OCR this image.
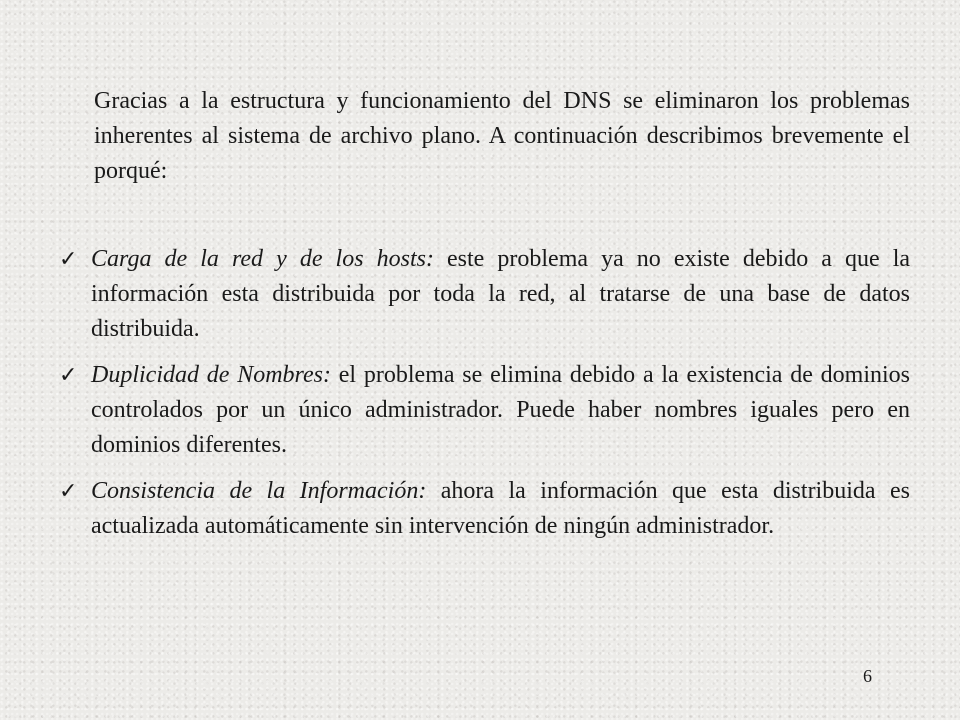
Gracias a la estructura y funcionamiento del DNS se eliminaron los problemas inherentes al sistema de archivo plano. A continuación describimos brevemente el porqué:

✓ Carga de la red y de los hosts: este problema ya no existe debido a que la información esta distribuida por toda la red, al tratarse de una base de datos distribuida.
✓ Duplicidad de Nombres: el problema se elimina debido a la existencia de dominios controlados por un único administrador. Puede haber nombres iguales pero en dominios diferentes.
✓ Consistencia de la Información: ahora la información que esta distribuida es actualizada automáticamente sin intervención de ningún administrador.
6
